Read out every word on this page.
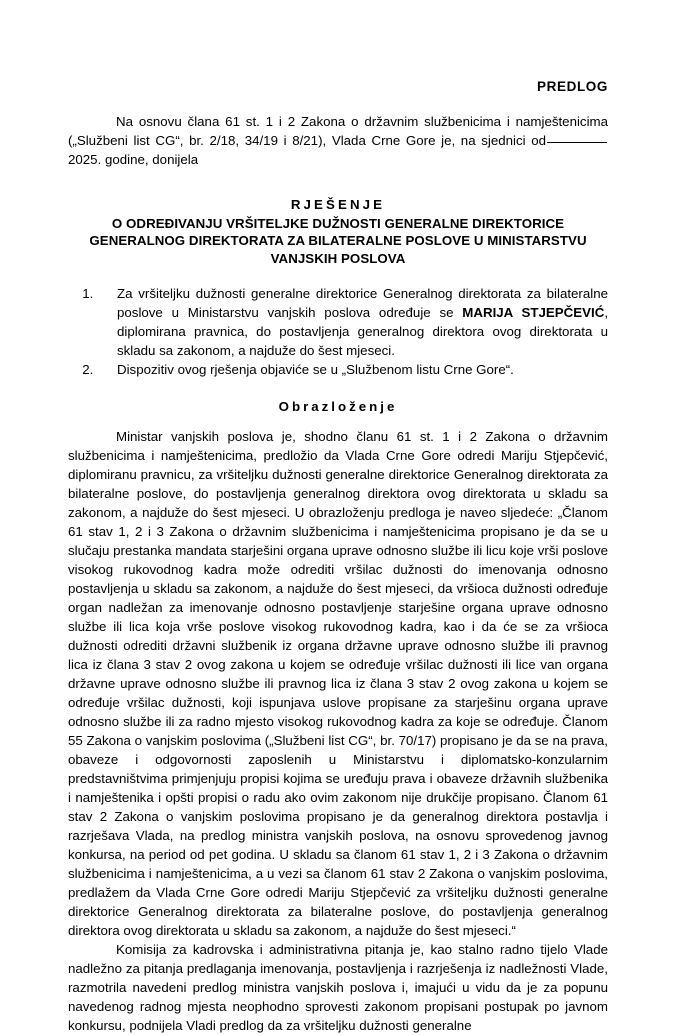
PREDLOG
Na osnovu člana 61 st. 1 i 2 Zakona o državnim službenicima i namještenicima („Službeni list CG“, br. 2/18, 34/19 i 8/21), Vlada Crne Gore je, na sjednici od 2025. godine, donijela
RJEŠENJE
O ODREĐIVANJU VRŠITELJKE DUŽNOSTI GENERALNE DIREKTORICE GENERALNOG DIREKTORATA ZA BILATERALNE POSLOVE U MINISTARSTVU VANJSKIH POSLOVA
1. Za vršiteljku dužnosti generalne direktorice Generalnog direktorata za bilateralne poslove u Ministarstvu vanjskih poslova određuje se MARIJA STJEPČEVIĆ, diplomirana pravnica, do postavljenja generalnog direktora ovog direktorata u skladu sa zakonom, a najduže do šest mjeseci.
2. Dispozitiv ovog rješenja objaviće se u „Službenom listu Crne Gore“.
Obrazloženje

Ministar vanjskih poslova je, shodno članu 61 st. 1 i 2 Zakona o državnim službenicima i namještenicima, predložio da Vlada Crne Gore odredi Mariju Stjepčević, diplomiranu pravnicu, za vršiteljku dužnosti generalne direktorice Generalnog direktorata za bilateralne poslove, do postavljenja generalnog direktora ovog direktorata u skladu sa zakonom, a najduže do šest mjeseci. U obrazloženju predloga je naveo sljedeće: „Članom 61 stav 1, 2 i 3 Zakona o državnim službenicima i namještenicima propisano je da se u slučaju prestanka mandata starješini organa uprave odnosno službe ili licu koje vrši poslove visokog rukovodnog kadra može odrediti vršilac dužnosti do imenovanja odnosno postavljenja u skladu sa zakonom, a najduže do šest mjeseci, da vršioca dužnosti određuje organ nadležan za imenovanje odnosno postavljenje starješine organa uprave odnosno službe ili lica koja vrše poslove visokog rukovodnog kadra, kao i da će se za vršioca dužnosti odrediti državni službenik iz organa državne uprave odnosno službe ili pravnog lica iz člana 3 stav 2 ovog zakona u kojem se određuje vršilac dužnosti ili lice van organa državne uprave odnosno službe ili pravnog lica iz člana 3 stav 2 ovog zakona u kojem se određuje vršilac dužnosti, koji ispunjava uslove propisane za starješinu organa uprave odnosno službe ili za radno mjesto visokog rukovodnog kadra za koje se određuje. Članom 55 Zakona o vanjskim poslovima („Službeni list CG“, br. 70/17) propisano je da se na prava, obaveze i odgovornosti zaposlenih u Ministarstvu i diplomatsko-konzularnim predstavništvima primjenjuju propisi kojima se uređuju prava i obaveze državnih službenika i namještenika i opšti propisi o radu ako ovim zakonom nije drukčije propisano. Članom 61 stav 2 Zakona o vanjskim poslovima propisano je da generalnog direktora postavlja i razrješava Vlada, na predlog ministra vanjskih poslova, na osnovu sprovedenog javnog konkursa, na period od pet godina. U skladu sa članom 61 stav 1, 2 i 3 Zakona o državnim službenicima i namještenicima, a u vezi sa članom 61 stav 2 Zakona o vanjskim poslovima, predlažem da Vlada Crne Gore odredi Mariju Stjepčević za vršiteljku dužnosti generalne direktorice Generalnog direktorata za bilateralne poslove, do postavljenja generalnog direktora ovog direktorata u skladu sa zakonom, a najduže do šest mjeseci.“

Komisija za kadrovska i administrativna pitanja je, kao stalno radno tijelo Vlade nadležno za pitanja predlaganja imenovanja, postavljenja i razrješenja iz nadležnosti Vlade, razmotrila navedeni predlog ministra vanjskih poslova i, imajući u vidu da je za popunu navedenog radnog mjesta neophodno sprovesti zakonom propisani postupak po javnom konkursu, podnijela Vladi predlog da za vršiteljku dužnosti generalne
